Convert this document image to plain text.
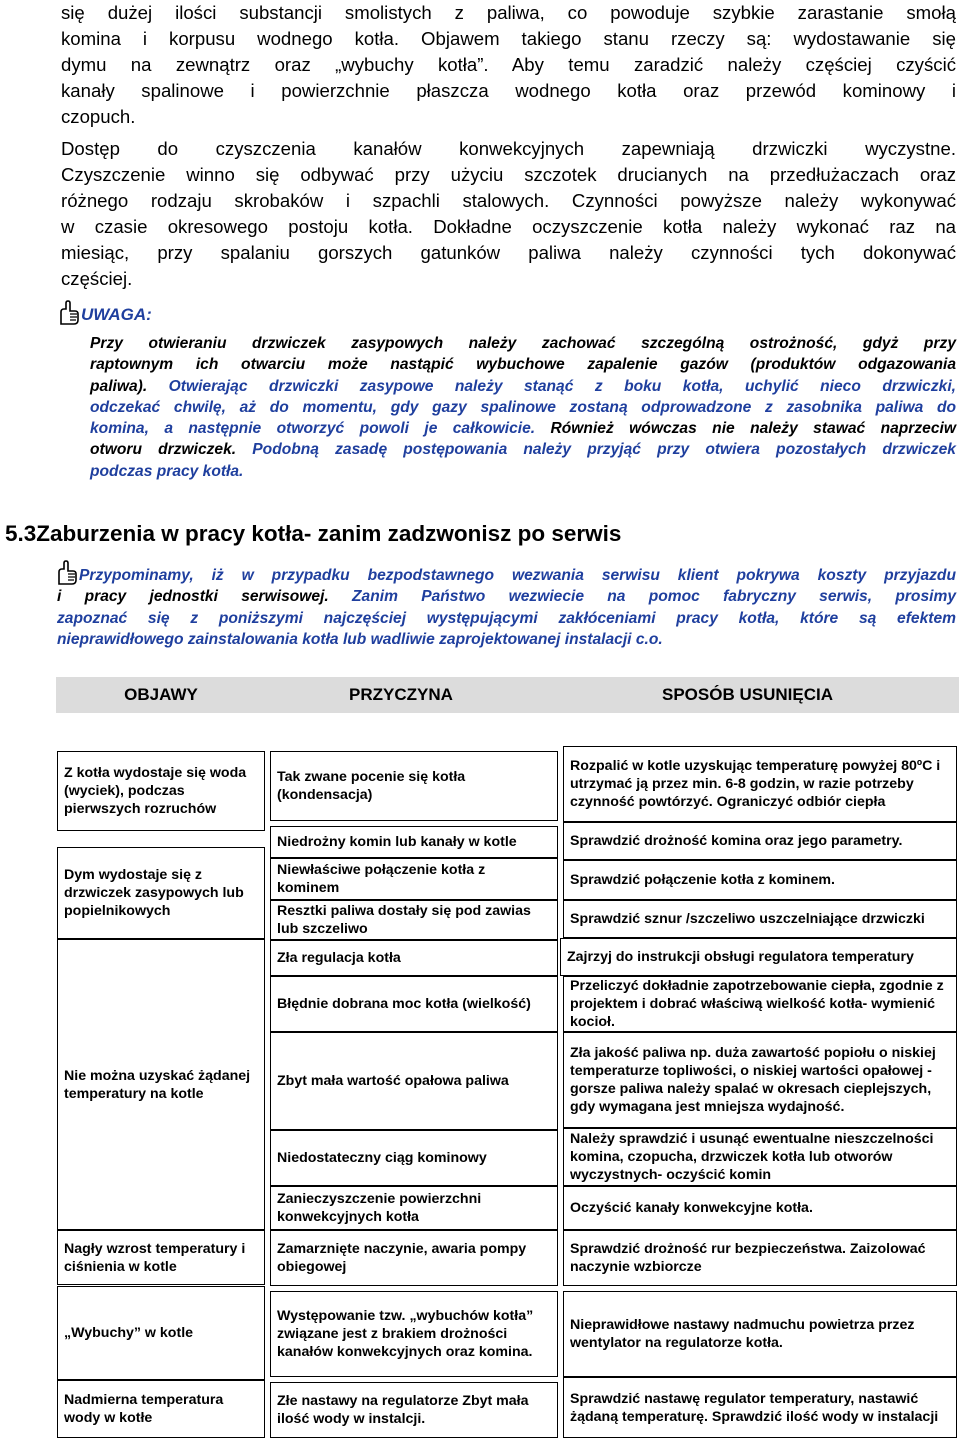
się dużej ilości substancji smolistych z paliwa, co powoduje szybkie zarastanie smołą
komina i korpusu wodnego kotła. Objawem takiego stanu rzeczy są: wydostawanie się
dymu na zewnątrz oraz „wybuchy kotła”. Aby temu zaradzić należy częściej czyścić
kanały spalinowe i powierzchnie płaszcza wodnego kotła oraz przewód kominowy i
czopuch.
Dostęp do czyszczenia kanałów konwekcyjnych zapewniają drzwiczki wyczystne.
Czyszczenie winno się odbywać przy użyciu szczotek drucianych na przedłużaczach oraz
różnego rodzaju skrobaków i szpachli stalowych. Czynności powyższe należy wykonywać
w czasie okresowego postoju kotła. Dokładne oczyszczenie kotła należy wykonać raz na
miesiąc, przy spalaniu gorszych gatunków paliwa należy czynności tych dokonywać
częściej.
UWAGA:
Przy otwieraniu drzwiczek zasypowych należy zachować szczególną ostrożność, gdyż przy
raptownym ich otwarciu może nastąpić wybuchowe zapalenie gazów (produktów odgazowania
paliwa). Otwierając drzwiczki zasypowe należy stanąć z boku kotła, uchylić nieco drzwiczki,
odczekać chwilę, aż do momentu, gdy gazy spalinowe zostaną odprowadzone z zasobnika paliwa do
komina, a następnie otworzyć powoli je całkowicie. Również wówczas nie należy stawać naprzeciw
otworu drzwiczek. Podobną zasadę postępowania należy przyjąć przy otwiera pozostałych drzwiczek
podczas pracy kotła.
5.3Zaburzenia w pracy kotła- zanim zadzwonisz po serwis
Przypominamy, iż w przypadku bezpodstawnego wezwania serwisu klient pokrywa koszty przyjazdu
i pracy jednostki serwisowej. Zanim Państwo wezwiecie na pomoc fabryczny serwis, prosimy
zapoznać się z poniższymi najczęściej występującymi zakłóceniami pracy kotła, które są efektem
nieprawidłowego zainstalowania kotła lub wadliwie zaprojektowanej instalacji c.o.
OBJAWY	PRZYCZYNA	SPOSÓB USUNIĘCIA
Z kotła wydostaje się woda (wyciek), podczas pierwszych rozruchów
Dym wydostaje się z drzwiczek zasypowych lub popielnikowych
Nie można uzyskać żądanej temperatury na kotle
Nagły wzrost temperatury i ciśnienia w kotle
„Wybuchy” w kotle
Nadmierna temperatura wody w kotłe
Tak zwane pocenie się kotła (kondensacja)
Niedrożny komin lub kanały w kotle
Niewłaściwe połączenie kotła z kominem
Resztki paliwa dostały się pod zawias lub szczeliwo
Zła regulacja kotła
Błędnie dobrana moc kotła (wielkość)
Zbyt mała wartość opałowa paliwa
Niedostateczny ciąg kominowy
Zanieczyszczenie powierzchni konwekcyjnych kotła
Zamarznięte naczynie, awaria pompy obiegowej
Występowanie tzw. „wybuchów kotła” związane jest z brakiem drożności kanałów konwekcyjnych oraz komina.
Złe nastawy na regulatorze Zbyt mała ilość wody w instalcji.
Rozpalić w kotle uzyskując temperaturę powyżej 80ºC i utrzymać ją przez min. 6-8 godzin, w razie potrzeby czynność powtórzyć. Ograniczyć odbiór ciepła
Sprawdzić drożność komina oraz jego parametry.
Sprawdzić połączenie kotła z kominem.
Sprawdzić sznur /szczeliwo uszczelniające drzwiczki
Zajrzyj do instrukcji obsługi regulatora temperatury
Przeliczyć dokładnie zapotrzebowanie ciepła, zgodnie z projektem i dobrać właściwą wielkość kotła- wymienić kocioł.
Zła jakość paliwa np. duża zawartość popiołu o niskiej temperaturze topliwości, o niskiej wartości opałowej - gorsze paliwa należy spalać w okresach cieplejszych, gdy wymagana jest mniejsza wydajność.
Należy sprawdzić i usunąć ewentualne nieszczelności komina, czopucha, drzwiczek kotła lub otworów wyczystnych- oczyścić komin
Oczyścić kanały konwekcyjne kotła.
Sprawdzić drożność rur bezpieczeństwa. Zaizolować naczynie wzbiorcze
Nieprawidłowe nastawy nadmuchu powietrza przez wentylator na regulatorze kotła.
Sprawdzić nastawę regulator temperatury, nastawić żądaną temperaturę. Sprawdzić ilość wody w instalacji
